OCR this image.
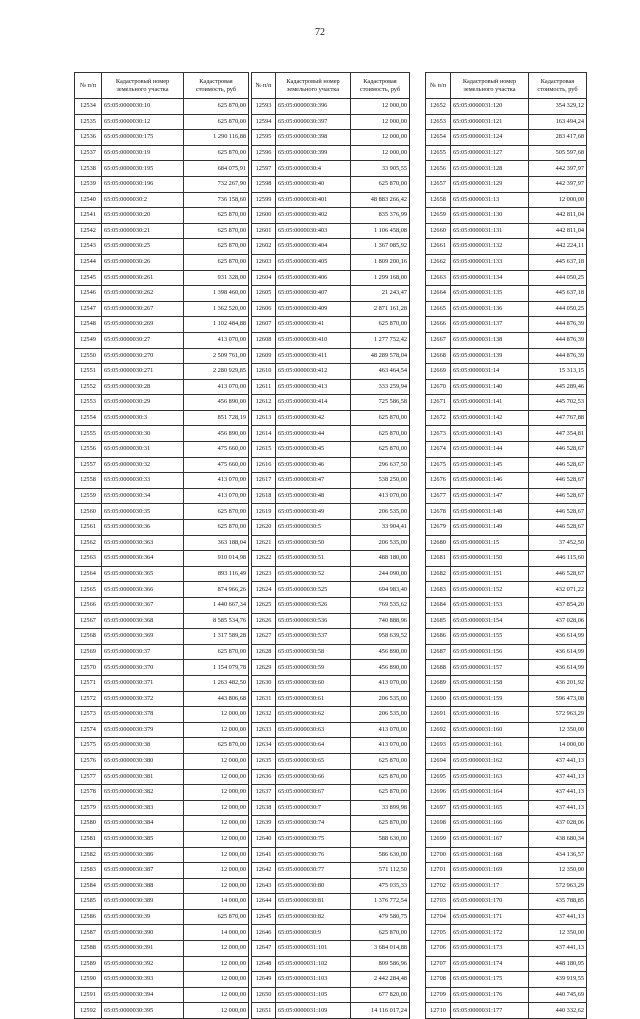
72
№ п/п	Кадастровый номер земельного участка	Кадастровая стоимость, руб
12534	65:05:0000030:10	625 870,00
12535	65:05:0000030:12	625 870,00
12536	65:05:0000030:175	1 290 116,88
12537	65:05:0000030:19	625 870,00
12538	65:05:0000030:195	684 075,91
12539	65:05:0000030:196	732 267,90
12540	65:05:0000030:2	736 158,60
12541	65:05:0000030:20	625 870,00
12542	65:05:0000030:21	625 870,00
12543	65:05:0000030:25	625 870,00
12544	65:05:0000030:26	625 870,00
12545	65:05:0000030:261	931 328,00
12546	65:05:0000030:262	1 398 460,00
12547	65:05:0000030:267	1 362 520,00
12548	65:05:0000030:269	1 102 484,88
12549	65:05:0000030:27	413 070,00
12550	65:05:0000030:270	2 509 761,00
12551	65:05:0000030:271	2 280 929,85
12552	65:05:0000030:28	413 070,00
12553	65:05:0000030:29	456 890,00
12554	65:05:0000030:3	851 728,19
12555	65:05:0000030:30	456 890,00
12556	65:05:0000030:31	475 660,00
12557	65:05:0000030:32	475 660,00
12558	65:05:0000030:33	413 070,00
12559	65:05:0000030:34	413 070,00
12560	65:05:0000030:35	625 870,00
12561	65:05:0000030:36	625 870,00
12562	65:05:0000030:363	363 188,04
12563	65:05:0000030:364	910 014,98
12564	65:05:0000030:365	893 116,49
12565	65:05:0000030:366	874 966,26
12566	65:05:0000030:367	1 440 667,34
12567	65:05:0000030:368	8 585 534,76
12568	65:05:0000030:369	1 317 589,28
12569	65:05:0000030:37	625 870,00
12570	65:05:0000030:370	1 154 079,78
12571	65:05:0000030:371	1 263 482,50
12572	65:05:0000030:372	443 806,68
12573	65:05:0000030:378	12 000,00
12574	65:05:0000030:379	12 000,00
12575	65:05:0000030:38	625 870,00
12576	65:05:0000030:380	12 000,00
12577	65:05:0000030:381	12 000,00
12578	65:05:0000030:382	12 000,00
12579	65:05:0000030:383	12 000,00
12580	65:05:0000030:384	12 000,00
12581	65:05:0000030:385	12 000,00
12582	65:05:0000030:386	12 000,00
12583	65:05:0000030:387	12 000,00
12584	65:05:0000030:388	12 000,00
12585	65:05:0000030:389	14 000,00
12586	65:05:0000030:39	625 870,00
12587	65:05:0000030:390	14 000,00
12588	65:05:0000030:391	12 000,00
12589	65:05:0000030:392	12 000,00
12590	65:05:0000030:393	12 000,00
12591	65:05:0000030:394	12 000,00
12592	65:05:0000030:395	12 000,00
№ п/п	Кадастровый номер земельного участка	Кадастровая стоимость, руб
12593	65:05:0000030:396	12 000,00
12594	65:05:0000030:397	12 000,00
12595	65:05:0000030:398	12 000,00
12596	65:05:0000030:399	12 000,00
12597	65:05:0000030:4	33 905,55
12598	65:05:0000030:40	625 870,00
12599	65:05:0000030:401	48 883 266,42
12600	65:05:0000030:402	835 376,99
12601	65:05:0000030:403	1 106 458,08
12602	65:05:0000030:404	1 367 085,92
12603	65:05:0000030:405	1 809 200,16
12604	65:05:0000030:406	1 299 168,00
12605	65:05:0000030:407	21 243,47
12606	65:05:0000030:409	2 871 161,28
12607	65:05:0000030:41	625 870,00
12608	65:05:0000030:410	1 277 752,42
12609	65:05:0000030:411	48 289 578,04
12610	65:05:0000030:412	463 464,54
12611	65:05:0000030:413	333 259,94
12612	65:05:0000030:414	725 586,58
12613	65:05:0000030:42	625 870,00
12614	65:05:0000030:44	625 870,00
12615	65:05:0000030:45	625 870,00
12616	65:05:0000030:46	296 637,50
12617	65:05:0000030:47	538 250,00
12618	65:05:0000030:48	413 070,00
12619	65:05:0000030:49	206 535,00
12620	65:05:0000030:5	33 904,41
12621	65:05:0000030:50	206 535,00
12622	65:05:0000030:51	488 180,00
12623	65:05:0000030:52	244 090,00
12624	65:05:0000030:525	694 983,40
12625	65:05:0000030:526	769 535,62
12626	65:05:0000030:536	740 888,96
12627	65:05:0000030:537	958 639,52
12628	65:05:0000030:58	456 890,00
12629	65:05:0000030:59	456 890,00
12630	65:05:0000030:60	413 070,00
12631	65:05:0000030:61	206 535,00
12632	65:05:0000030:62	206 535,00
12633	65:05:0000030:63	413 070,00
12634	65:05:0000030:64	413 070,00
12635	65:05:0000030:65	625 870,00
12636	65:05:0000030:66	625 870,00
12637	65:05:0000030:67	625 870,00
12638	65:05:0000030:7	33 899,98
12639	65:05:0000030:74	625 870,00
12640	65:05:0000030:75	588 630,00
12641	65:05:0000030:76	586 630,00
12642	65:05:0000030:77	571 112,50
12643	65:05:0000030:80	475 035,33
12644	65:05:0000030:81	1 376 772,54
12645	65:05:0000030:82	479 580,75
12646	65:05:0000030:9	625 870,00
12647	65:05:0000031:101	3 684 014,88
12648	65:05:0000031:102	809 586,96
12649	65:05:0000031:103	2 442 284,48
12650	65:05:0000031:105	677 820,00
12651	65:05:0000031:109	14 116 017,24
№ п/п	Кадастровый номер земельного участка	Кадастровая стоимость, руб
12652	65:05:0000031:120	354 329,12
12653	65:05:0000031:121	163 494,24
12654	65:05:0000031:124	283 417,68
12655	65:05:0000031:127	505 597,68
12656	65:05:0000031:128	442 397,97
12657	65:05:0000031:129	442 397,97
12658	65:05:0000031:13	12 000,00
12659	65:05:0000031:130	442 811,04
12660	65:05:0000031:131	442 811,04
12661	65:05:0000031:132	442 224,11
12662	65:05:0000031:133	445 637,18
12663	65:05:0000031:134	444 050,25
12664	65:05:0000031:135	445 637,18
12665	65:05:0000031:136	444 050,25
12666	65:05:0000031:137	444 876,39
12667	65:05:0000031:138	444 876,39
12668	65:05:0000031:139	444 876,39
12669	65:05:0000031:14	15 313,15
12670	65:05:0000031:140	445 289,46
12671	65:05:0000031:141	445 702,53
12672	65:05:0000031:142	447 767,88
12673	65:05:0000031:143	447 354,81
12674	65:05:0000031:144	446 528,67
12675	65:05:0000031:145	446 528,67
12676	65:05:0000031:146	446 528,67
12677	65:05:0000031:147	446 528,67
12678	65:05:0000031:148	446 528,67
12679	65:05:0000031:149	446 528,67
12680	65:05:0000031:15	37 452,50
12681	65:05:0000031:150	446 115,60
12682	65:05:0000031:151	446 528,67
12683	65:05:0000031:152	432 071,22
12684	65:05:0000031:153	437 854,20
12685	65:05:0000031:154	437 028,06
12686	65:05:0000031:155	436 614,99
12687	65:05:0000031:156	436 614,99
12688	65:05:0000031:157	436 614,99
12689	65:05:0000031:158	436 201,92
12690	65:05:0000031:159	596 473,08
12691	65:05:0000031:16	572 963,29
12692	65:05:0000031:160	12 350,00
12693	65:05:0000031:161	14 000,00
12694	65:05:0000031:162	437 441,13
12695	65:05:0000031:163	437 441,13
12696	65:05:0000031:164	437 441,13
12697	65:05:0000031:165	437 441,13
12698	65:05:0000031:166	437 028,06
12699	65:05:0000031:167	438 680,34
12700	65:05:0000031:168	434 136,57
12701	65:05:0000031:169	12 350,00
12702	65:05:0000031:17	572 963,29
12703	65:05:0000031:170	435 788,85
12704	65:05:0000031:171	437 441,13
12705	65:05:0000031:172	12 350,00
12706	65:05:0000031:173	437 441,13
12707	65:05:0000031:174	448 180,95
12708	65:05:0000031:175	439 919,55
12709	65:05:0000031:176	440 745,69
12710	65:05:0000031:177	440 332,62
